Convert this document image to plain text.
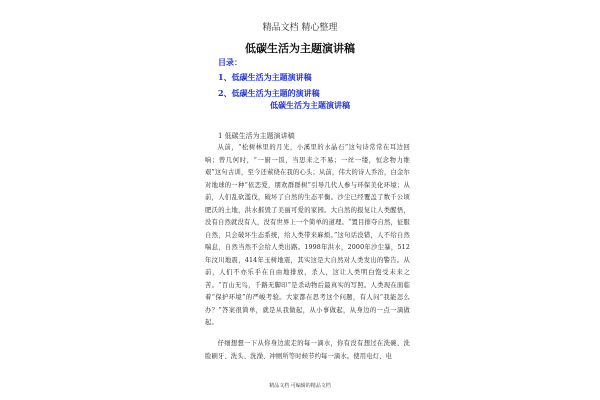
精品文档 精心整理
低碳生活为主题演讲稿
目录：
1、低碳生活为主题演讲稿
2、低碳生活为主题的演讲稿
低碳生活为主题演讲稿
1 低碳生活为主题演讲稿

从前，“松树林里的月光，小溪里的水晶石”这句诗常常在耳边回响；曾几何时，“一厨一饭，当思来之不易；一丝一缕，恒念物力维艰”这句古训，至今还萦绕在我的心头；从前，伟大的诗人乔治，白金尔对地球的一种“依恋爱，朋欢群群树”引导几代人参与环保美化环境；从前，人们乱砍滥伐，破坏了自然的生态平衡。沙尘已经覆盖了数千公顷肥沃的土地，洪水摧毁了美丽可爱的家园。大自然的报复让人类醒悟，没有自然就没有人，没有世界上一个简单的道理。“置目排夺自然，征服自然，只会破坏生态系统，给人类带来麻烦。”这句话没错，人不给自然喘息，自然当然不会给人类出路。1998年洪水，2000年沙尘暴，512年汶川地震，414年玉树地震，其实这是大自然对人类发出的警告。从前，人们不亦乐乎在自由地排放，杀人，这让人类明白饱受未来之苦。“百山无鸟，千路无脚印”是杀动物后最真实的写照。人类现在面临着“保护环境”的严峻考验。大家都在思考这个问题，有人问“我能怎么办？”答案很简单，就是从我做起，从小事做起，从身边的一点一滴做起。

仔细想想一下从你身边流走的每一滴水，你有没有想过在洗碗、洗脸刷牙、洗头、洗澡、冲厕所等时候节约每一滴水。使用电灯、电

精品文档 可编辑的精品文档
